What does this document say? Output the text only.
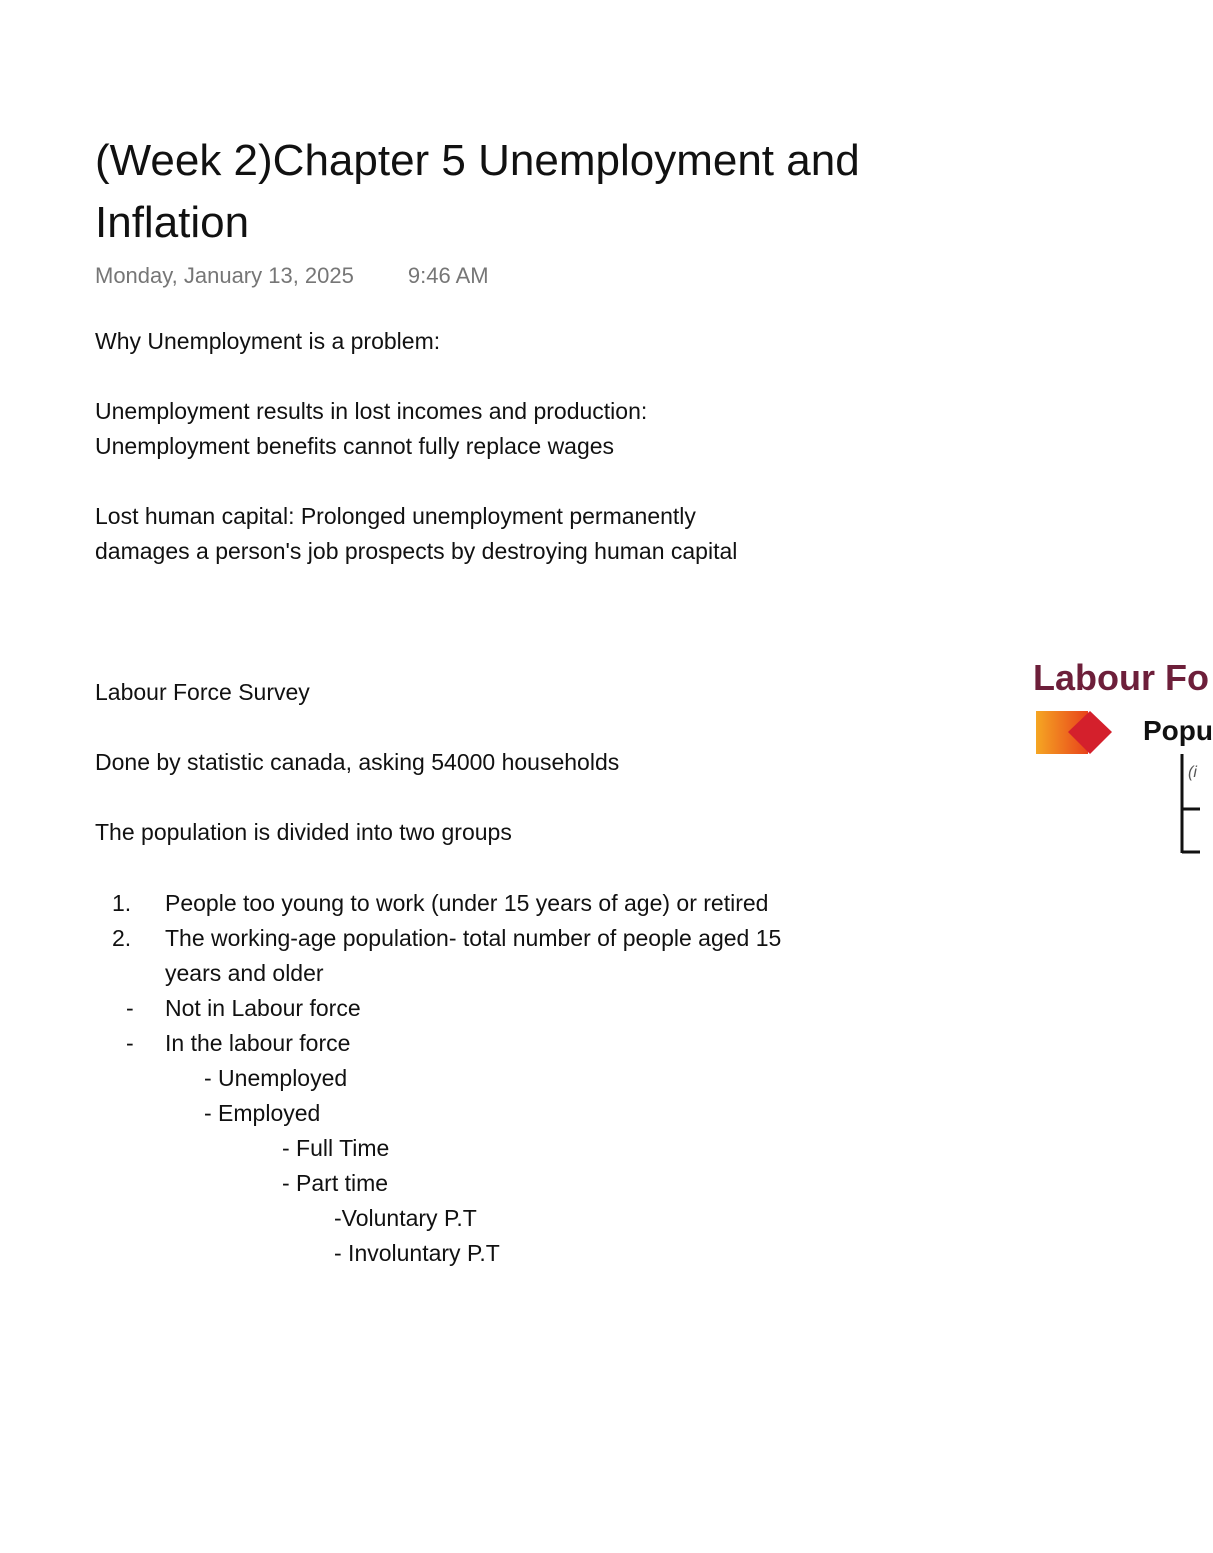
(Week 2)Chapter 5 Unemployment and Inflation
Monday, January 13, 2025 9:46 AM
Why Unemployment is a problem:
Unemployment results in lost incomes and production:
Unemployment benefits cannot fully replace wages
Lost human capital: Prolonged unemployment permanently
damages a person's job prospects by destroying human capital
Labour Force Survey
Done by statistic canada, asking 54000 households
The population is divided into two groups
1. People too young to work (under 15 years of age) or retired
2. The working-age population- total number of people aged 15
years and older
- Not in Labour force
- In the labour force
- Unemployed
- Employed
- Full Time
- Part time
-Voluntary P.T
- Involuntary P.T
(i
Labour Fo
Popu
